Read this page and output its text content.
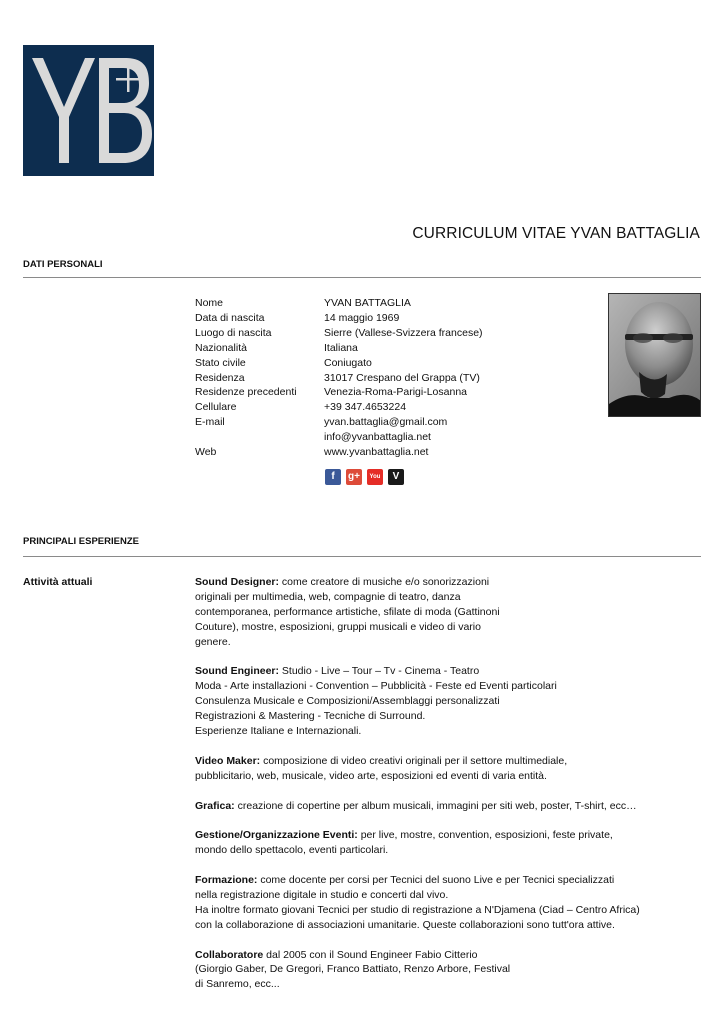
CURRICULUM VITAE YVAN BATTAGLIA
DATI PERSONALI
Nome	YVAN BATTAGLIA
Data di nascita	14 maggio 1969
Luogo di nascita	Sierre (Vallese-Svizzera francese)
Nazionalità	Italiana
Stato civile	Coniugato
Residenza	31017 Crespano del Grappa (TV)
Residenze precedenti	Venezia-Roma-Parigi-Losanna
Cellulare	+39 347.4653224
E-mail	yvan.battaglia@gmail.com
info@yvanbattaglia.net
Web	www.yvanbattaglia.net
f	g+	You	V
PRINCIPALI ESPERIENZE
Attività attuali	Sound Designer: come creatore di musiche e/o sonorizzazioni
originali per multimedia, web, compagnie di teatro, danza
contemporanea, performance artistiche, sfilate di moda (Gattinoni
Couture), mostre, esposizioni, gruppi musicali e video di vario
genere.
Sound Engineer: Studio - Live – Tour – Tv - Cinema - Teatro
Moda - Arte installazioni - Convention – Pubblicità - Feste ed Eventi particolari
Consulenza Musicale e Composizioni/Assemblaggi personalizzati
Registrazioni & Mastering - Tecniche di Surround.
Esperienze Italiane e Internazionali.
Video Maker: composizione di video creativi originali per il settore multimediale,
pubblicitario, web, musicale, video arte, esposizioni ed eventi di varia entità.
Grafica: creazione di copertine per album musicali, immagini per siti web, poster, T-shirt, ecc…
Gestione/Organizzazione Eventi: per live, mostre, convention, esposizioni, feste private,
mondo dello spettacolo, eventi particolari.
Formazione: come docente per corsi per Tecnici del suono Live e per Tecnici specializzati
nella registrazione digitale in studio e concerti dal vivo.
Ha inoltre formato giovani Tecnici per studio di registrazione a N'Djamena (Ciad – Centro Africa)
con la collaborazione di associazioni umanitarie. Queste collaborazioni sono tutt'ora attive.
Collaboratore dal 2005 con il Sound Engineer Fabio Citterio
(Giorgio Gaber, De Gregori, Franco Battiato, Renzo Arbore, Festival
di Sanremo, ecc...
